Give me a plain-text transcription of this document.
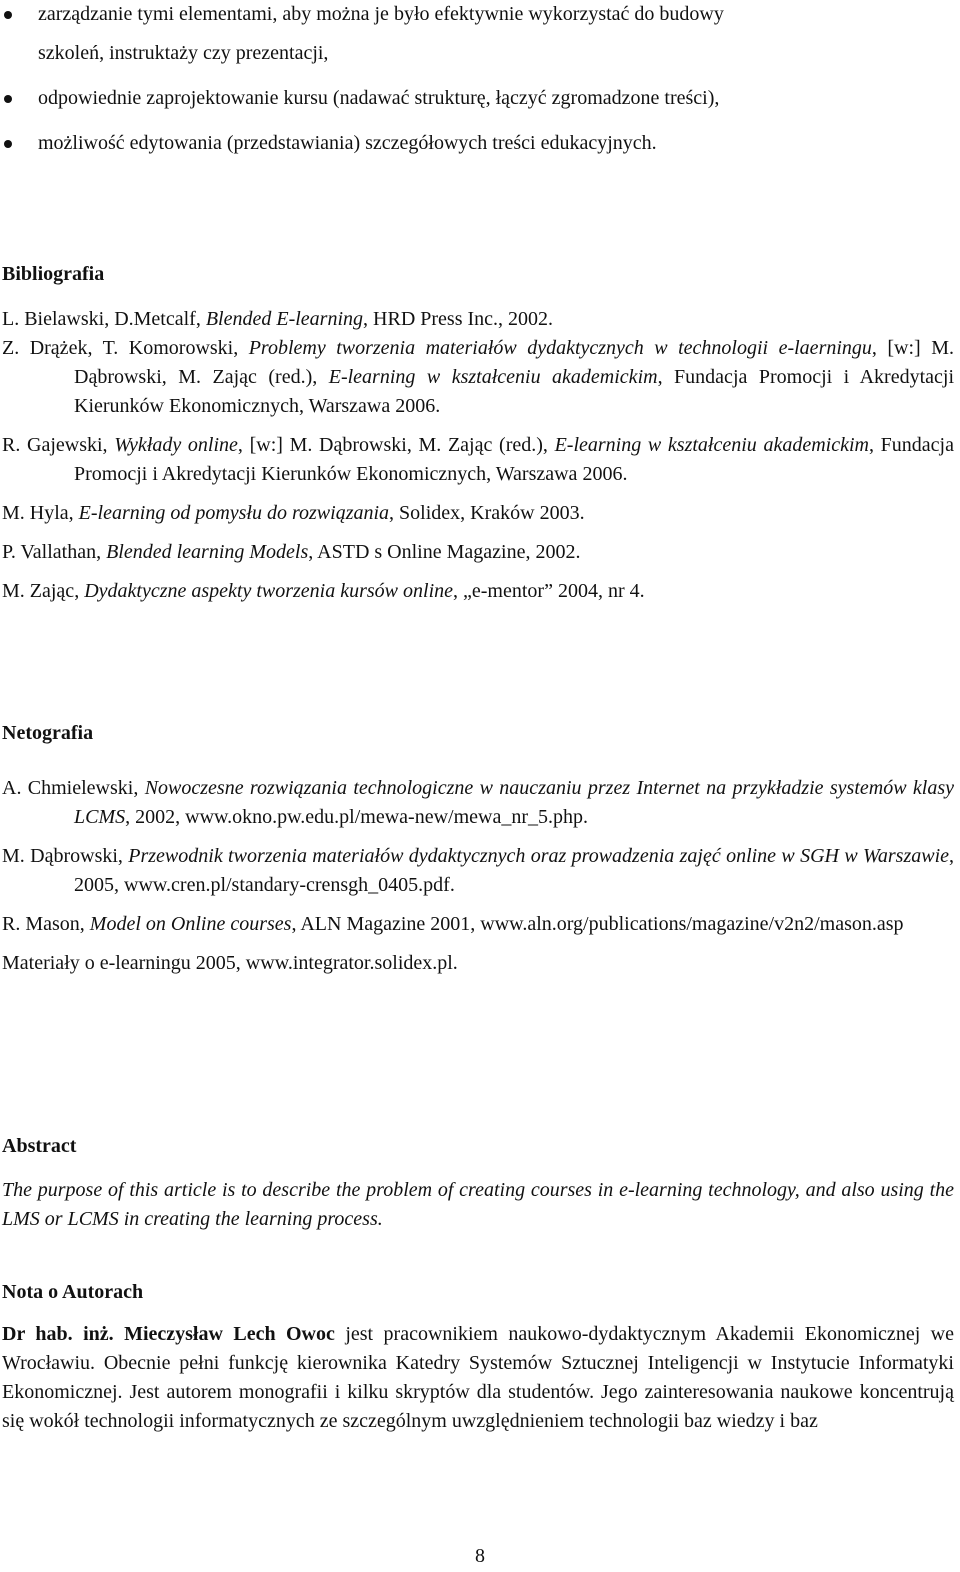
zarządzanie tymi elementami, aby można je było efektywnie wykorzystać do budowy
szkoleń, instruktaży czy prezentacji,
odpowiednie zaprojektowanie kursu (nadawać strukturę, łączyć zgromadzone treści),
możliwość edytowania (przedstawiania) szczegółowych treści edukacyjnych.
Bibliografia

L. Bielawski, D.Metcalf, Blended E-learning, HRD Press Inc., 2002.

Z. Drążek, T. Komorowski, Problemy tworzenia materiałów dydaktycznych w technologii e-laerningu, [w:] M. Dąbrowski, M. Zając (red.), E-learning w kształceniu akademickim, Fundacja Promocji i Akredytacji Kierunków Ekonomicznych, Warszawa 2006.

R. Gajewski, Wykłady online, [w:] M. Dąbrowski, M. Zając (red.), E-learning w kształceniu akademickim, Fundacja Promocji i Akredytacji Kierunków Ekonomicznych, Warszawa 2006.

M. Hyla, E-learning od pomysłu do rozwiązania, Solidex, Kraków 2003.

P. Vallathan, Blended learning Models, ASTD s Online Magazine, 2002.

M. Zając, Dydaktyczne aspekty tworzenia kursów online, „e-mentor” 2004, nr 4.

Netografia

A. Chmielewski, Nowoczesne rozwiązania technologiczne w nauczaniu przez Internet na przykładzie systemów klasy LCMS, 2002, www.okno.pw.edu.pl/mewa-new/mewa_nr_5.php.

M. Dąbrowski, Przewodnik tworzenia materiałów dydaktycznych oraz prowadzenia zajęć online w SGH w Warszawie, 2005, www.cren.pl/standary-crensgh_0405.pdf.

R. Mason, Model on Online courses, ALN Magazine 2001, www.aln.org/publications/magazine/v2n2/mason.asp

Materiały o e-learningu 2005, www.integrator.solidex.pl.

Abstract

The purpose of this article is to describe the problem of creating courses in e-learning technology, and also using the LMS or LCMS in creating the learning process.

Nota o Autorach

Dr hab. inż. Mieczysław Lech Owoc jest pracownikiem naukowo-dydaktycznym Akademii Ekonomicznej we Wrocławiu. Obecnie pełni funkcję kierownika Katedry Systemów Sztucznej Inteligencji w Instytucie Informatyki Ekonomicznej. Jest autorem monografii i kilku skryptów dla studentów. Jego zainteresowania naukowe koncentrują się wokół technologii informatycznych ze szczególnym uwzględnieniem technologii baz wiedzy i baz

8
